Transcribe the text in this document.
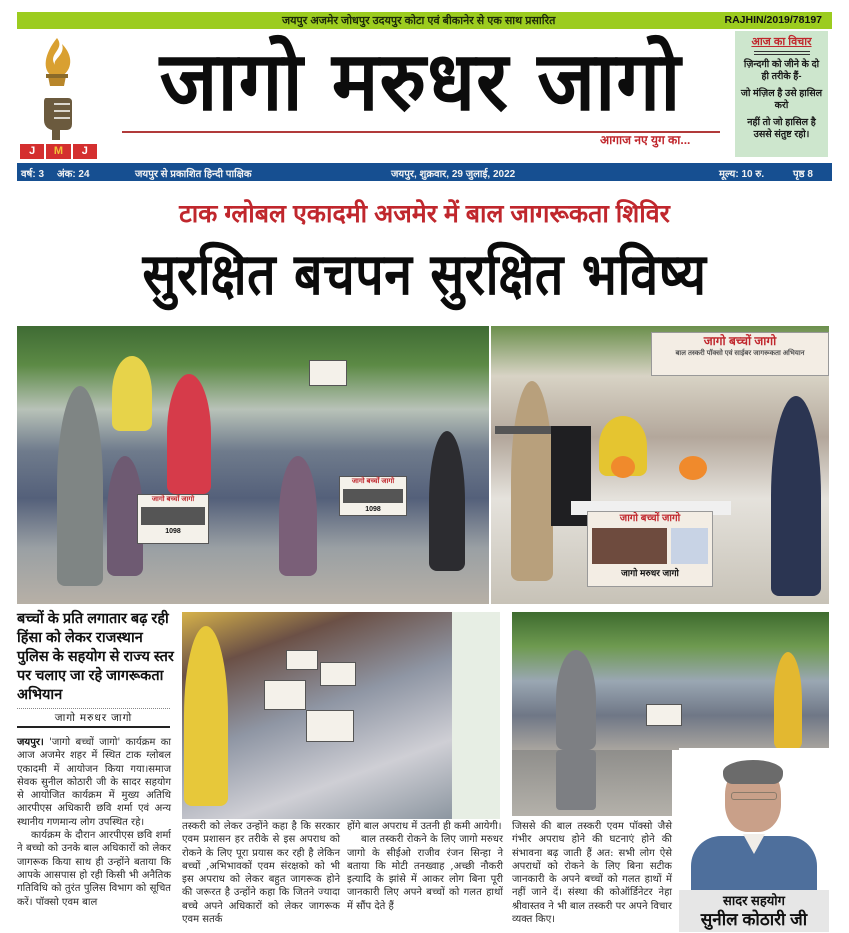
जयपुर अजमेर जोधपुर उदयपुर कोटा एवं बीकानेर से एक साथ प्रसारित	RAJHIN/2019/78197
J	M	J
जागो मरुधर जागो
आगाज नए युग का...
आज का विचार

ज़िन्दगी को जीने के दो ही तरीके हैं-

जो मंज़िल है उसे हासिल करो

नहीं तो जो हासिल है उससे संतुष्ट रहो।

वर्ष: 3 अंक: 24	जयपुर से प्रकाशित हिन्दी पाक्षिक	जयपुर, शुक्रवार, 29 जुलाई, 2022	मूल्य: 10 रु.	पृष्ठ 8
टाक ग्लोबल एकादमी अजमेर में बाल जागरूकता शिविर
सुरक्षित बचपन सुरक्षित भविष्य
जागो बच्चों जागो
1098
जागो बच्चों जागो
1098
जागो बच्चों जागो
बाल तस्करी पॉक्सो एवं साईबर जागरूकता अभियान
जागो बच्चों जागो
जागो मरुधर जागो
बच्चों के प्रति लगातार बढ़ रही हिंसा को लेकर राजस्थान पुलिस के सहयोग से राज्य स्तर पर चलाए जा रहे जागरूकता अभियान
जागो मरुधर जागो
सादर सहयोग
सुनील कोठारी जी

जयपुर। 'जागो बच्चों जागो' कार्यक्रम का आज अजमेर शहर में स्थित टाक ग्लोबल एकादमी में आयोजन किया गया।समाज सेवक सुनील कोठारी जी के सादर सहयोग से आयोजित कार्यक्रम में मुख्य अतिथि आरपीएस अधिकारी छवि शर्मा एवं अन्य स्थानीय गणमान्य लोग उपस्थित रहे।

कार्यक्रम के दौरान आरपीएस छवि शर्मा ने बच्चो को उनके बाल अधिकारों को लेकर जागरूक किया साथ ही उन्होंने बताया कि आपके आसपास हो रही किसी भी अनैतिक गतिविधि को तुरंत पुलिस विभाग को सूचित करें। पॉक्सो एवम बाल

तस्करी को लेकर उन्होंने कहा है कि सरकार एवम प्रशासन हर तरीके से इस अपराध को रोकने के लिए पूरा प्रयास कर रही है लेकिन बच्चों ,अभिभावकों एवम संरक्षको को भी इस अपराध को लेकर बहुत जागरूक होने की जरूरत है उन्होंने कहा कि जितने ज्यादा बच्चे अपने अधिकारों को लेकर जागरूक एवम सतर्क

होंगे बाल अपराध में उतनी ही कमी आयेगी।

बाल तस्करी रोकने के लिए जागो मरुधर जागो के सीईओ राजीव रंजन सिन्हा ने बताया कि मोटी तनख्वाह ,अच्छी नौकरी इत्यादि के झांसे में आकर लोग बिना पूरी जानकारी लिए अपने बच्चों को गलत हाथों में सौंप देते हैं

जिससे की बाल तस्करी एवम पॉक्सो जैसे गंभीर अपराध होने की घटनाएं होने की संभावना बढ़ जाती हैं अत: सभी लोग ऐसे अपराधों को रोकने के लिए बिना सटीक जानकारी के अपने बच्चों को गलत हाथों में नहीं जाने दें। संस्था की कोऑर्डिनेटर नेहा श्रीवास्तव ने भी बाल तस्करी पर अपने विचार व्यक्त किए।
